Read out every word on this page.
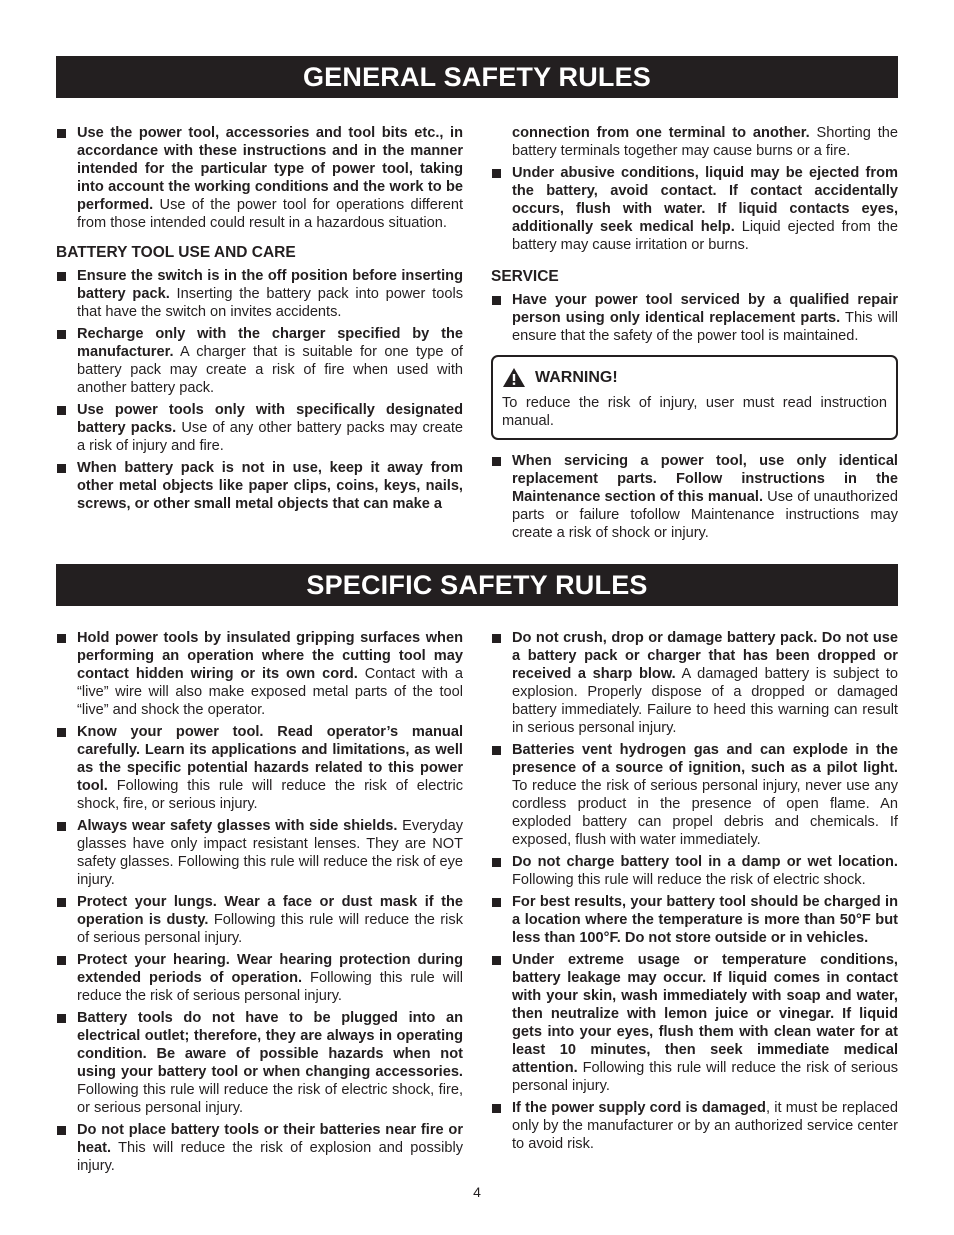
GENERAL SAFETY RULES
Use the power tool, accessories and tool bits etc., in accordance with these instructions and in the manner intended for the particular type of power tool, taking into account the working conditions and the work to be performed. Use of the power tool for operations different from those intended could result in a hazardous situation.
BATTERY TOOL USE AND CARE
Ensure the switch is in the off position before inserting battery pack. Inserting the battery pack into power tools that have the switch on invites accidents.
Recharge only with the charger specified by the manufacturer. A charger that is suitable for one type of battery pack may create a risk of fire when used with another battery pack.
Use power tools only with specifically designated battery packs. Use of any other battery packs may create a risk of injury and fire.
When battery pack is not in use, keep it away from other metal objects like paper clips, coins, keys, nails, screws, or other small metal objects that can make a
connection from one terminal to another. Shorting the battery terminals together may cause burns or a fire.
Under abusive conditions, liquid may be ejected from the battery, avoid contact. If contact accidentally occurs, flush with water. If liquid contacts eyes, additionally seek medical help. Liquid ejected from the battery may cause irritation or burns.
SERVICE
Have your power tool serviced by a qualified repair person using only identical replacement parts. This will ensure that the safety of the power tool is maintained.
WARNING!
To reduce the risk of injury, user must read instruction manual.
When servicing a power tool, use only identical replacement parts. Follow instructions in the Maintenance section of this manual. Use of unauthorized parts or failure tofollow Maintenance instructions may create a risk of shock or injury.
SPECIFIC SAFETY RULES
Hold power tools by insulated gripping surfaces when performing an operation where the cutting tool may contact hidden wiring or its own cord. Contact with a “live” wire will also make exposed metal parts of the tool “live” and shock the operator.
Know your power tool. Read operator’s manual carefully. Learn its applications and limitations, as well as the specific potential hazards related to this power tool. Following this rule will reduce the risk of electric shock, fire, or serious injury.
Always wear safety glasses with side shields. Everyday glasses have only impact resistant lenses. They are NOT safety glasses. Following this rule will reduce the risk of eye injury.
Protect your lungs. Wear a face or dust mask if the operation is dusty. Following this rule will reduce the risk of serious personal injury.
Protect your hearing. Wear hearing protection during extended periods of operation. Following this rule will reduce the risk of serious personal injury.
Battery tools do not have to be plugged into an electrical outlet; therefore, they are always in operating condition. Be aware of possible hazards when not using your battery tool or when changing accessories. Following this rule will reduce the risk of electric shock, fire, or serious personal injury.
Do not place battery tools or their batteries near fire or heat. This will reduce the risk of explosion and possibly injury.
Do not crush, drop or damage battery pack. Do not use a battery pack or charger that has been dropped or received a sharp blow. A damaged battery is subject to explosion. Properly dispose of a dropped or damaged battery immediately. Failure to heed this warning can result in serious personal injury.
Batteries vent hydrogen gas and can explode in the presence of a source of ignition, such as a pilot light. To reduce the risk of serious personal injury, never use any cordless product in the presence of open flame. An exploded battery can propel debris and chemicals. If exposed, flush with water immediately.
Do not charge battery tool in a damp or wet location. Following this rule will reduce the risk of electric shock.
For best results, your battery tool should be charged in a location where the temperature is more than 50°F but less than 100°F. Do not store outside or in vehicles.
Under extreme usage or temperature conditions, battery leakage may occur. If liquid comes in contact with your skin, wash immediately with soap and water, then neutralize with lemon juice or vinegar. If liquid gets into your eyes, flush them with clean water for at least 10 minutes, then seek immediate medical attention. Following this rule will reduce the risk of serious personal injury.
If the power supply cord is damaged, it must be replaced only by the manufacturer or by an authorized service center to avoid risk.
4
